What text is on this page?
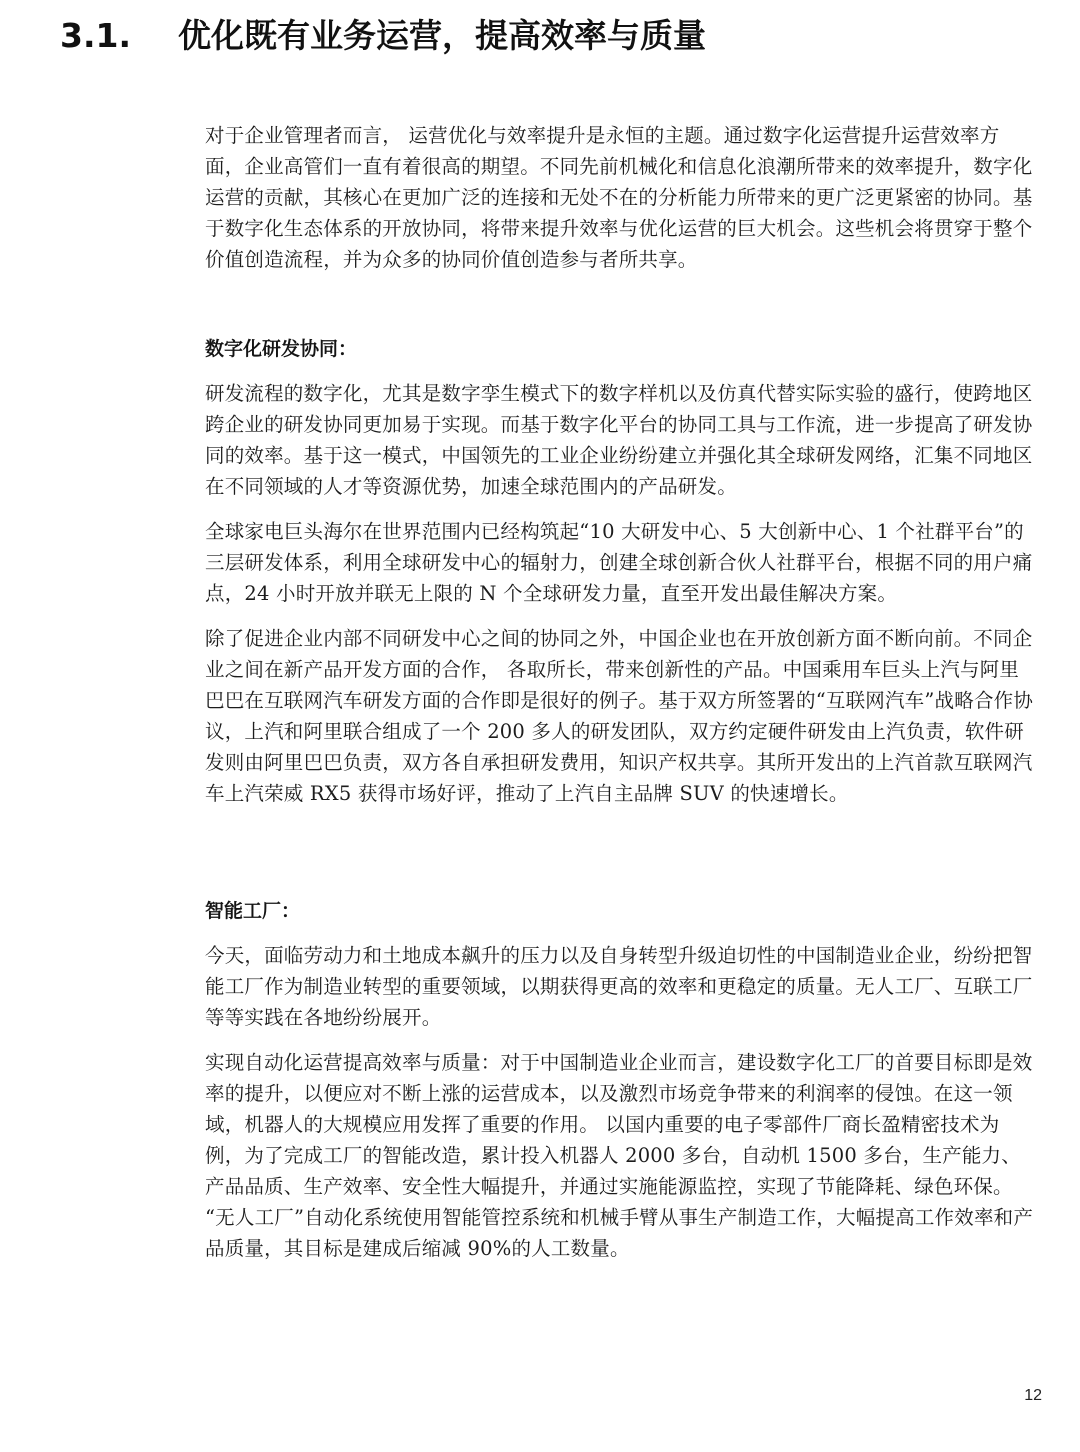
3.1. 优化既有业务运营，提高效率与质量

对于企业管理者而言， 运营优化与效率提升是永恒的主题。通过数字化运营提升运营效率方面，企业高管们一直有着很高的期望。不同先前机械化和信息化浪潮所带来的效率提升，数字化运营的贡献，其核心在更加广泛的连接和无处不在的分析能力所带来的更广泛更紧密的协同。基于数字化生态体系的开放协同，将带来提升效率与优化运营的巨大机会。这些机会将贯穿于整个价值创造流程，并为众多的协同价值创造参与者所共享。

数字化研发协同：

研发流程的数字化，尤其是数字孪生模式下的数字样机以及仿真代替实际实验的盛行，使跨地区跨企业的研发协同更加易于实现。而基于数字化平台的协同工具与工作流，进一步提高了研发协同的效率。基于这一模式，中国领先的工业企业纷纷建立并强化其全球研发网络，汇集不同地区在不同领域的人才等资源优势，加速全球范围内的产品研发。

全球家电巨头海尔在世界范围内已经构筑起“10 大研发中心、5 大创新中心、1 个社群平台”的三层研发体系，利用全球研发中心的辐射力，创建全球创新合伙人社群平台，根据不同的用户痛点，24 小时开放并联无上限的 N 个全球研发力量，直至开发出最佳解决方案。

除了促进企业内部不同研发中心之间的协同之外，中国企业也在开放创新方面不断向前。不同企业之间在新产品开发方面的合作， 各取所长，带来创新性的产品。中国乘用车巨头上汽与阿里巴巴在互联网汽车研发方面的合作即是很好的例子。基于双方所签署的“互联网汽车”战略合作协议，上汽和阿里联合组成了一个 200 多人的研发团队，双方约定硬件研发由上汽负责，软件研发则由阿里巴巴负责，双方各自承担研发费用，知识产权共享。其所开发出的上汽首款互联网汽车上汽荣威 RX5 获得市场好评，推动了上汽自主品牌 SUV 的快速增长。

智能工厂：

今天，面临劳动力和土地成本飙升的压力以及自身转型升级迫切性的中国制造业企业，纷纷把智能工厂作为制造业转型的重要领域，以期获得更高的效率和更稳定的质量。无人工厂、互联工厂等等实践在各地纷纷展开。

实现自动化运营提高效率与质量：对于中国制造业企业而言，建设数字化工厂的首要目标即是效率的提升，以便应对不断上涨的运营成本，以及激烈市场竞争带来的利润率的侵蚀。在这一领域，机器人的大规模应用发挥了重要的作用。 以国内重要的电子零部件厂商长盈精密技术为例，为了完成工厂的智能改造，累计投入机器人 2000 多台，自动机 1500 多台，生产能力、产品品质、生产效率、安全性大幅提升，并通过实施能源监控，实现了节能降耗、绿色环保。 “无人工厂”自动化系统使用智能管控系统和机械手臂从事生产制造工作，大幅提高工作效率和产品质量，其目标是建成后缩减 90%的人工数量。

12
